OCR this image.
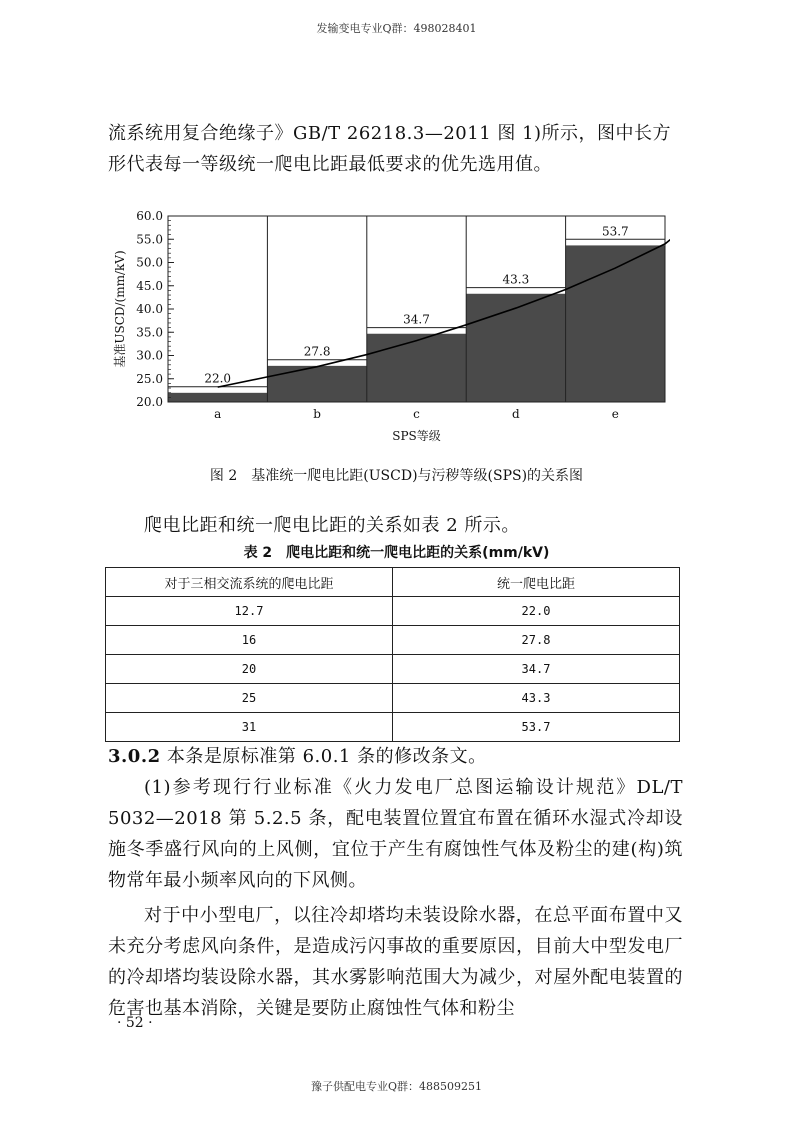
发输变电专业Q群：498028401

流系统用复合绝缘子》GB/T 26218.3—2011 图 1)所示，图中长方

形代表每一等级统一爬电比距最低要求的优先选用值。

22.0
27.8
34.7
43.3
53.7
20.0
25.0
30.0
35.0
40.0
45.0
50.0
55.0
60.0
a	b	c	d	e
SPS等级
基准USCD/(mm/kV)
图 2　基准统一爬电比距(USCD)与污秽等级(SPS)的关系图

爬电比距和统一爬电比距的关系如表 2 所示。

表 2　爬电比距和统一爬电比距的关系(mm/kV)
对于三相交流系统的爬电比距	统一爬电比距
12.7	22.0
16	27.8
20	34.7
25	43.3
31	53.7

3.0.2 本条是原标准第 6.0.1 条的修改条文。

(1)参考现行行业标准《火力发电厂总图运输设计规范》DL/T 5032—2018 第 5.2.5 条，配电装置位置宜布置在循环水湿式冷却设施冬季盛行风向的上风侧，宜位于产生有腐蚀性气体及粉尘的建(构)筑物常年最小频率风向的下风侧。

对于中小型电厂，以往冷却塔均未装设除水器，在总平面布置中又未充分考虑风向条件，是造成污闪事故的重要原因，目前大中型发电厂的冷却塔均装设除水器，其水雾影响范围大为减少，对屋外配电装置的危害也基本消除，关键是要防止腐蚀性气体和粉尘

· 52 ·
豫子供配电专业Q群：488509251
